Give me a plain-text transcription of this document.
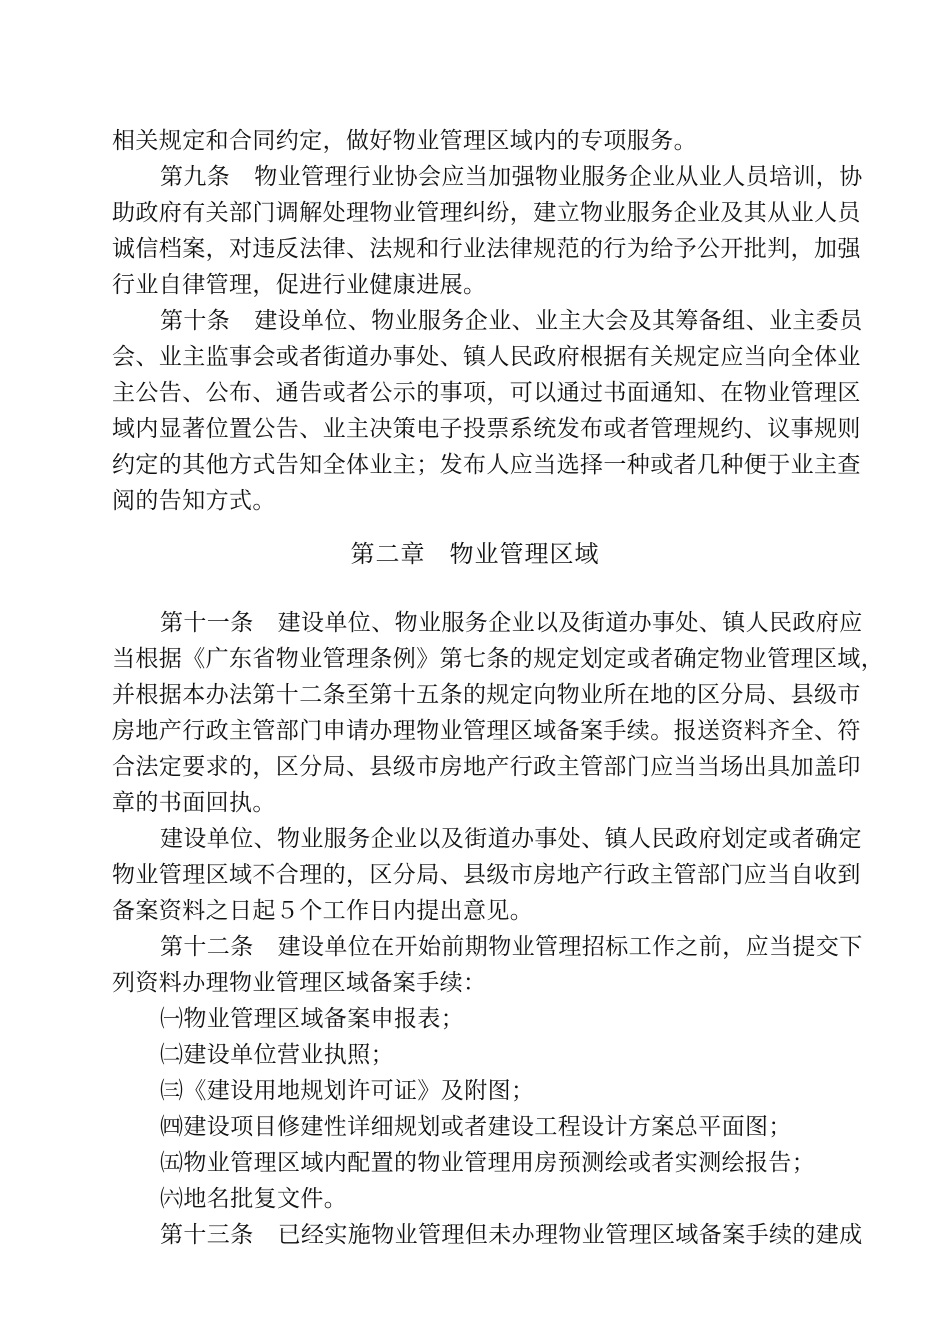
相关规定和合同约定，做好物业管理区域内的专项服务。
第九条 物业管理行业协会应当加强物业服务企业从业人员培训，协
助政府有关部门调解处理物业管理纠纷，建立物业服务企业及其从业人员
诚信档案，对违反法律、法规和行业法律规范的行为给予公开批判，加强
行业自律管理，促进行业健康进展。
第十条 建设单位、物业服务企业、业主大会及其筹备组、业主委员
会、业主监事会或者街道办事处、镇人民政府根据有关规定应当向全体业
主公告、公布、通告或者公示的事项，可以通过书面通知、在物业管理区
域内显著位置公告、业主决策电子投票系统发布或者管理规约、议事规则
约定的其他方式告知全体业主；发布人应当选择一种或者几种便于业主查
阅的告知方式。
第二章 物业管理区域
第十一条 建设单位、物业服务企业以及街道办事处、镇人民政府应
当根据《广东省物业管理条例》第七条的规定划定或者确定物业管理区域，
并根据本办法第十二条至第十五条的规定向物业所在地的区分局、县级市
房地产行政主管部门申请办理物业管理区域备案手续。报送资料齐全、符
合法定要求的，区分局、县级市房地产行政主管部门应当当场出具加盖印
章的书面回执。
建设单位、物业服务企业以及街道办事处、镇人民政府划定或者确定
物业管理区域不合理的，区分局、县级市房地产行政主管部门应当自收到
备案资料之日起５个工作日内提出意见。
第十二条 建设单位在开始前期物业管理招标工作之前，应当提交下
列资料办理物业管理区域备案手续：
㈠物业管理区域备案申报表；
㈡建设单位营业执照；
㈢《建设用地规划许可证》及附图；
㈣建设项目修建性详细规划或者建设工程设计方案总平面图；
㈤物业管理区域内配置的物业管理用房预测绘或者实测绘报告；
㈥地名批复文件。
第十三条 已经实施物业管理但未办理物业管理区域备案手续的建成
